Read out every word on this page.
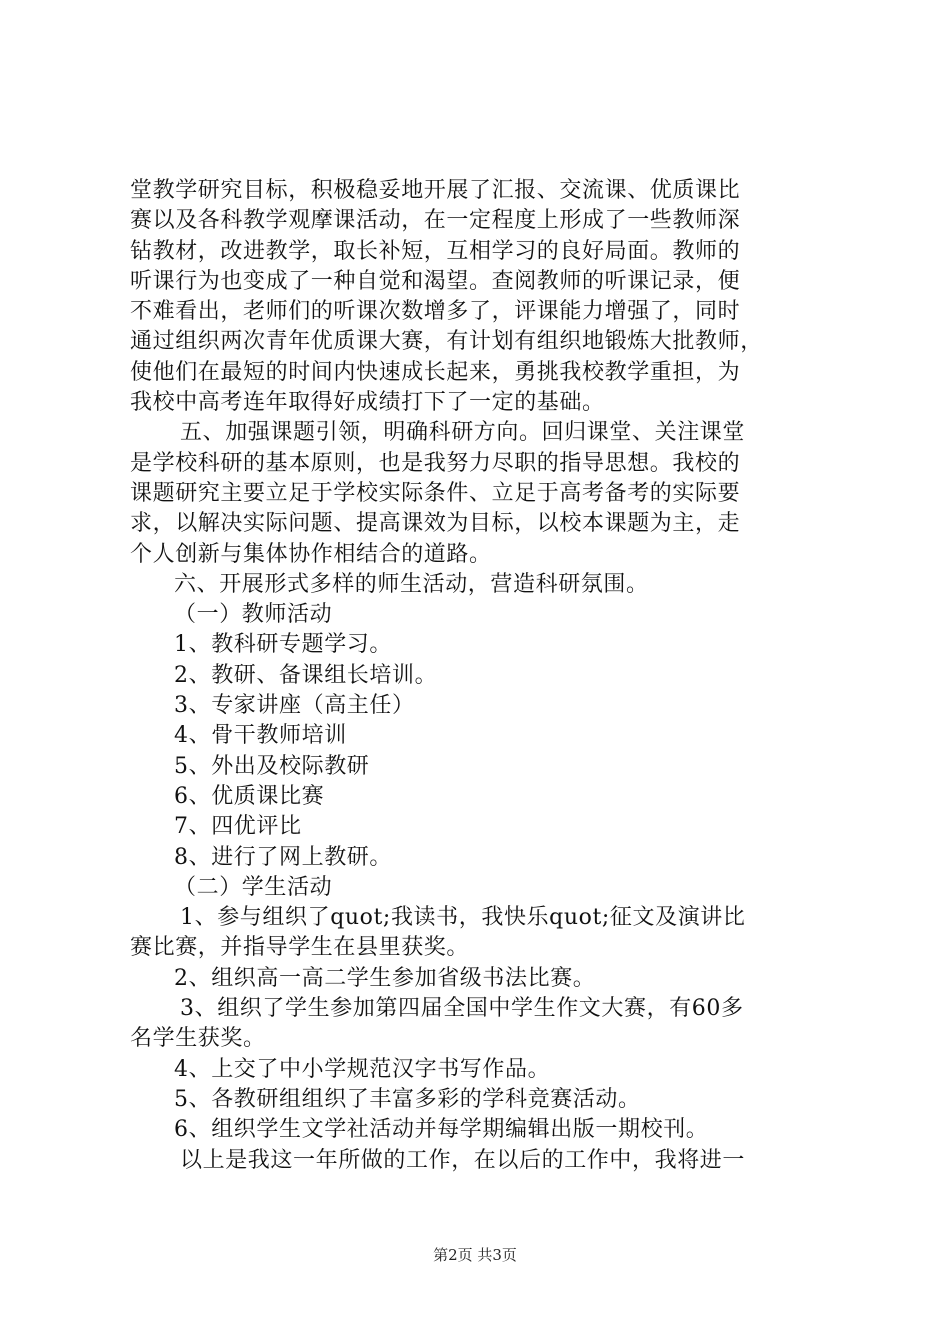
堂教学研究目标，积极稳妥地开展了汇报、交流课、优质课比
赛以及各科教学观摩课活动，在一定程度上形成了一些教师深
钻教材，改进教学，取长补短，互相学习的良好局面。教师的
听课行为也变成了一种自觉和渴望。查阅教师的听课记录，便
不难看出，老师们的听课次数增多了，评课能力增强了，同时
通过组织两次青年优质课大赛，有计划有组织地锻炼大批教师，
使他们在最短的时间内快速成长起来，勇挑我校教学重担，为
我校中高考连年取得好成绩打下了一定的基础。
五、加强课题引领，明确科研方向。回归课堂、关注课堂
是学校科研的基本原则，也是我努力尽职的指导思想。我校的
课题研究主要立足于学校实际条件、立足于高考备考的实际要
求，以解决实际问题、提高课效为目标，以校本课题为主，走
个人创新与集体协作相结合的道路。
六、开展形式多样的师生活动，营造科研氛围。
（一）教师活动
1、教科研专题学习。
2、教研、备课组长培训。
3、专家讲座（高主任）
4、骨干教师培训
5、外出及校际教研
6、优质课比赛
7、四优评比
8、进行了网上教研。
（二）学生活动
1、参与组织了quot;我读书，我快乐quot;征文及演讲比
赛比赛，并指导学生在县里获奖。
2、组织高一高二学生参加省级书法比赛。
3、组织了学生参加第四届全国中学生作文大赛，有60多
名学生获奖。
4、上交了中小学规范汉字书写作品。
5、各教研组组织了丰富多彩的学科竞赛活动。
6、组织学生文学社活动并每学期编辑出版一期校刊。
以上是我这一年所做的工作，在以后的工作中，我将进一
第2页 共3页
